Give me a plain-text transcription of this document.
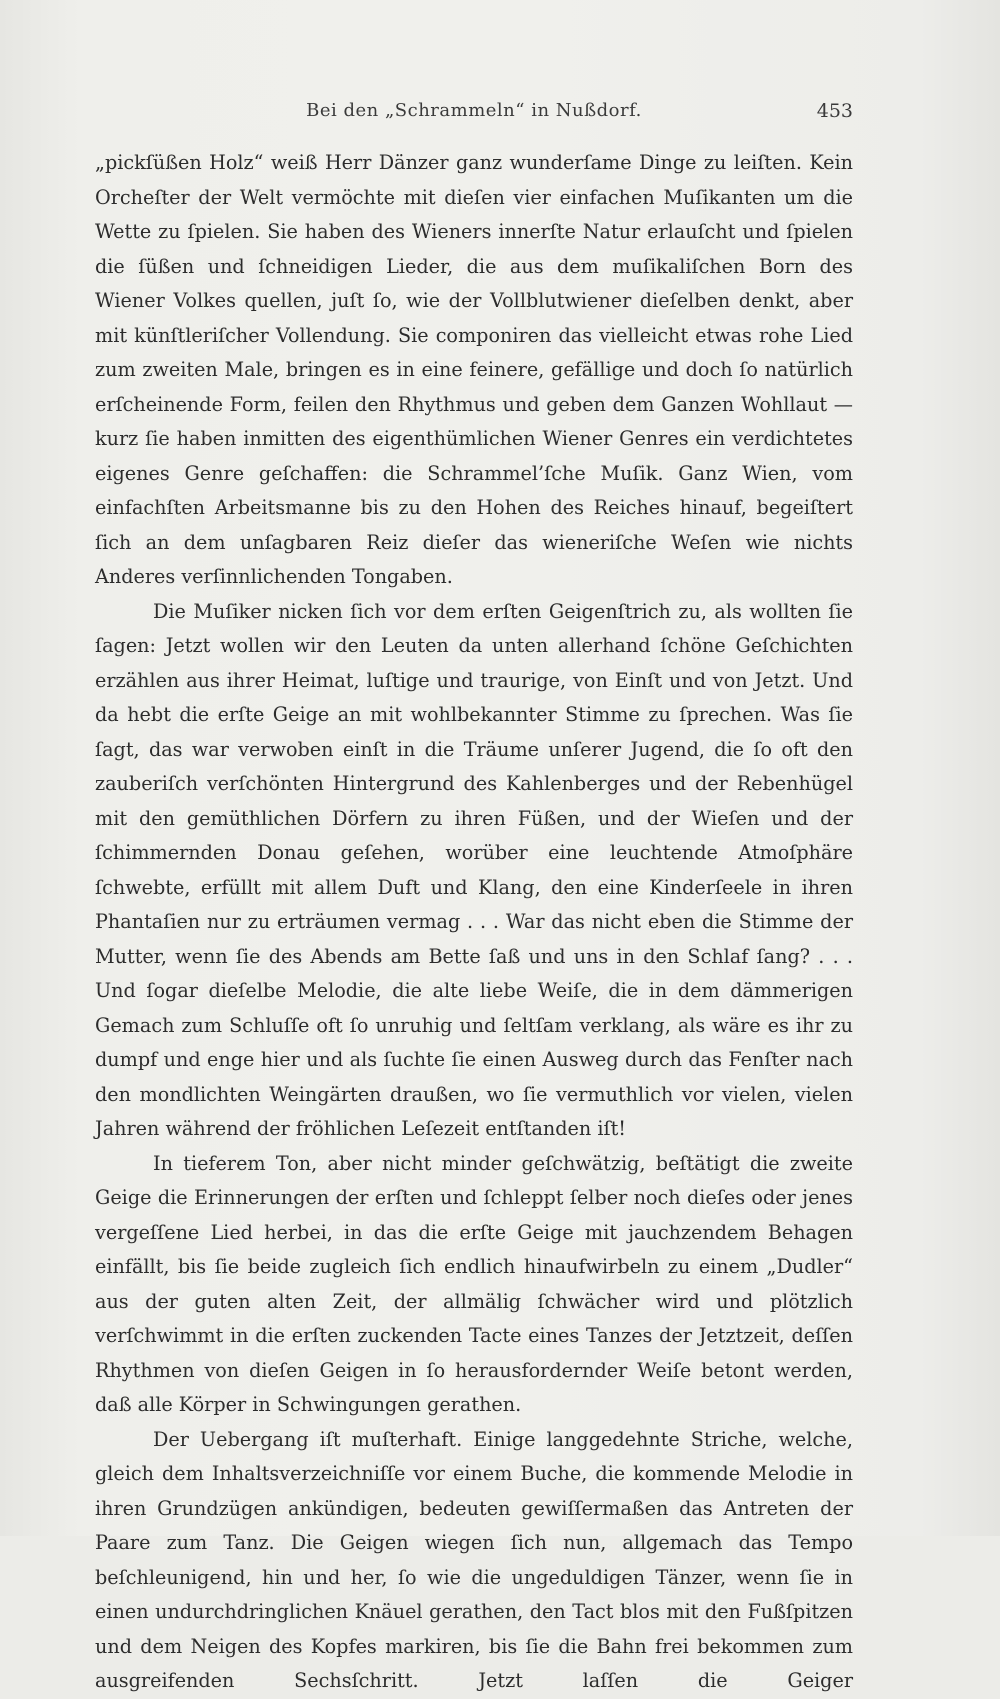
Bei den „Schrammeln“ in Nußdorf.	453

„pickſüßen Holz“ weiß Herr Dänzer ganz wunderſame Dinge zu leiſten. Kein Orcheſter der Welt vermöchte mit dieſen vier einfachen Muſikanten um die Wette zu ſpielen. Sie haben des Wieners innerſte Natur erlauſcht und ſpielen die ſüßen und ſchneidigen Lieder, die aus dem muſikaliſchen Born des Wiener Volkes quellen, juſt ſo, wie der Vollblutwiener dieſelben denkt, aber mit künſtleriſcher Vollendung. Sie componiren das vielleicht etwas rohe Lied zum zweiten Male, bringen es in eine feinere, gefällige und doch ſo natürlich erſcheinende Form, feilen den Rhythmus und geben dem Ganzen Wohllaut — kurz ſie haben inmitten des eigenthümlichen Wiener Genres ein verdichtetes eigenes Genre geſchaffen: die Schrammel’ſche Muſik. Ganz Wien, vom einfachſten Arbeitsmanne bis zu den Hohen des Reiches hinauf, begeiſtert ſich an dem unſagbaren Reiz dieſer das wieneriſche Weſen wie nichts Anderes verſinnlichenden Tongaben.

Die Muſiker nicken ſich vor dem erſten Geigenſtrich zu, als wollten ſie ſagen: Jetzt wollen wir den Leuten da unten allerhand ſchöne Geſchichten erzählen aus ihrer Heimat, luſtige und traurige, von Einſt und von Jetzt. Und da hebt die erſte Geige an mit wohlbekannter Stimme zu ſprechen. Was ſie ſagt, das war verwoben einſt in die Träume unſerer Jugend, die ſo oft den zauberiſch verſchönten Hintergrund des Kahlenberges und der Rebenhügel mit den gemüthlichen Dörfern zu ihren Füßen, und der Wieſen und der ſchimmernden Donau geſehen, worüber eine leuchtende Atmoſphäre ſchwebte, erfüllt mit allem Duft und Klang, den eine Kinderſeele in ihren Phantaſien nur zu erträumen vermag . . . War das nicht eben die Stimme der Mutter, wenn ſie des Abends am Bette ſaß und uns in den Schlaf ſang? . . . Und ſogar dieſelbe Melodie, die alte liebe Weiſe, die in dem dämmerigen Gemach zum Schluſſe oft ſo unruhig und ſeltſam verklang, als wäre es ihr zu dumpf und enge hier und als ſuchte ſie einen Ausweg durch das Fenſter nach den mondlichten Weingärten draußen, wo ſie vermuthlich vor vielen, vielen Jahren während der fröhlichen Leſezeit entſtanden iſt!

In tieferem Ton, aber nicht minder geſchwätzig, beſtätigt die zweite Geige die Erinnerungen der erſten und ſchleppt ſelber noch dieſes oder jenes vergeſſene Lied herbei, in das die erſte Geige mit jauchzendem Behagen einfällt, bis ſie beide zugleich ſich endlich hinaufwirbeln zu einem „Dudler“ aus der guten alten Zeit, der allmälig ſchwächer wird und plötzlich verſchwimmt in die erſten zuckenden Tacte eines Tanzes der Jetztzeit, deſſen Rhythmen von dieſen Geigen in ſo herausfordernder Weiſe betont werden, daß alle Körper in Schwingungen gerathen.

Der Uebergang iſt muſterhaft. Einige langgedehnte Striche, welche, gleich dem Inhaltsverzeichniſſe vor einem Buche, die kommende Melodie in ihren Grundzügen ankündigen, bedeuten gewiſſermaßen das Antreten der Paare zum Tanz. Die Geigen wiegen ſich nun, allgemach das Tempo beſchleunigend, hin und her, ſo wie die ungeduldigen Tänzer, wenn ſie in einen undurchdringlichen Knäuel gerathen, den Tact blos mit den Fußſpitzen und dem Neigen des Kopfes markiren, bis ſie die Bahn frei bekommen zum ausgreifenden Sechsſchritt. Jetzt laſſen die Geiger
